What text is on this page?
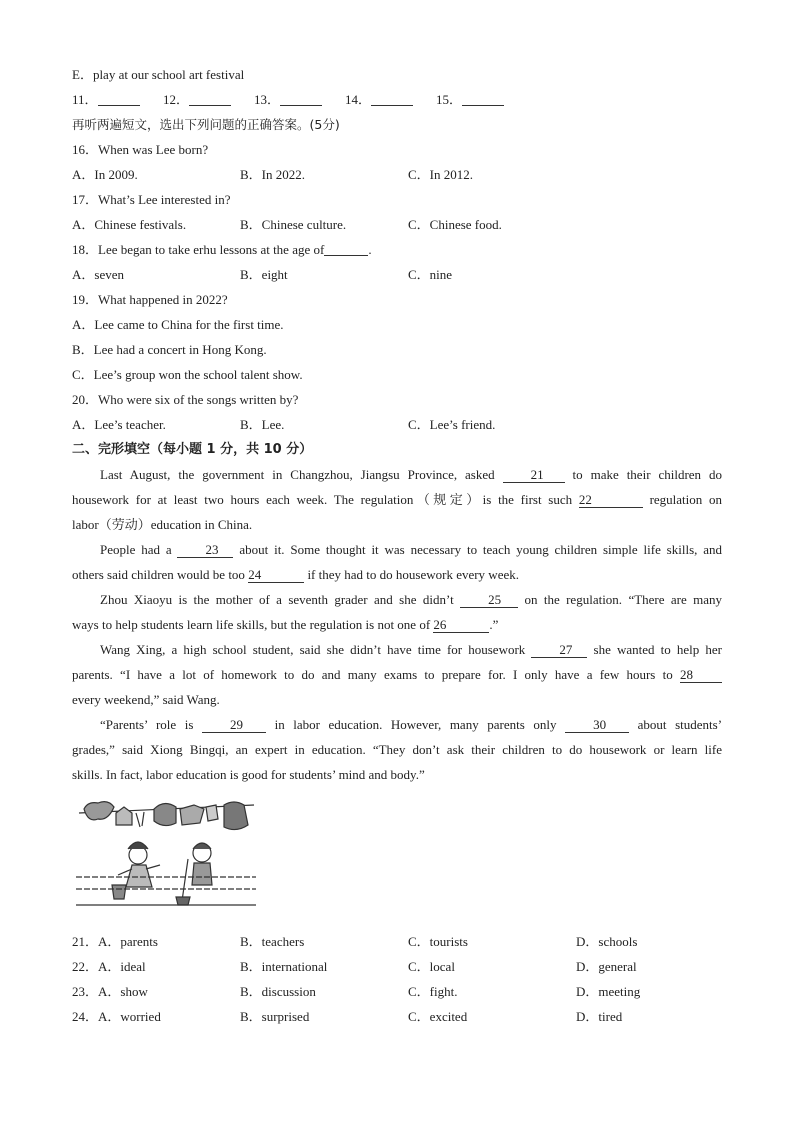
E．play at our school art festival
11．	12．	13．	14．	15．
再听两遍短文，选出下列问题的正确答案。(5分)
16．When was Lee born?
A．In 2009.	B．In 2022.	C．In 2012.
17．What’s Lee interested in?
A．Chinese festivals.	B．Chinese culture.	C．Chinese food.
18．Lee began to take erhu lessons at the age of	.
A．seven	B．eight	C．nine
19．What happened in 2022?
A．Lee came to China for the first time.
B．Lee had a concert in Hong Kong.
C．Lee’s group won the school talent show.
20．Who were six of the songs written by?
A．Lee’s teacher.	B．Lee.	C．Lee’s friend.
二、完形填空（每小题 1 分，共 10 分）
Last August, the government in Changzhou, Jiangsu Province, asked	21 to make their children do
housework for at least two hours each week. The regulation（规定）is the first such 22	regulation on
labor（劳动）education in China.
People had a	23 about it. Some thought it was necessary to teach young children simple life skills, and
others said children would be too 24	if they had to do housework every week.
Zhou Xiaoyu is the mother of a seventh grader and she didn’t	25 on the regulation. “There are many
ways to help students learn life skills, but the regulation is not one of 26	.”
Wang Xing, a high school student, said she didn’t have time for housework	27 she wanted to help her
parents. “I have a lot of homework to do and many exams to prepare for. I only have a few hours to 28
every weekend,” said Wang.
“Parents’ role is	29 in labor education. However, many parents only	30 about students’
grades,” said Xiong Bingqi, an expert in education. “They don’t ask their children to do housework or learn life
skills. In fact, labor education is good for students’ mind and body.”
21．A．parents	B．teachers	C．tourists	D．schools
22．A．ideal	B．international	C．local	D．general
23．A．show	B．discussion	C．fight.	D．meeting
24．A．worried	B．surprised	C．excited	D．tired
